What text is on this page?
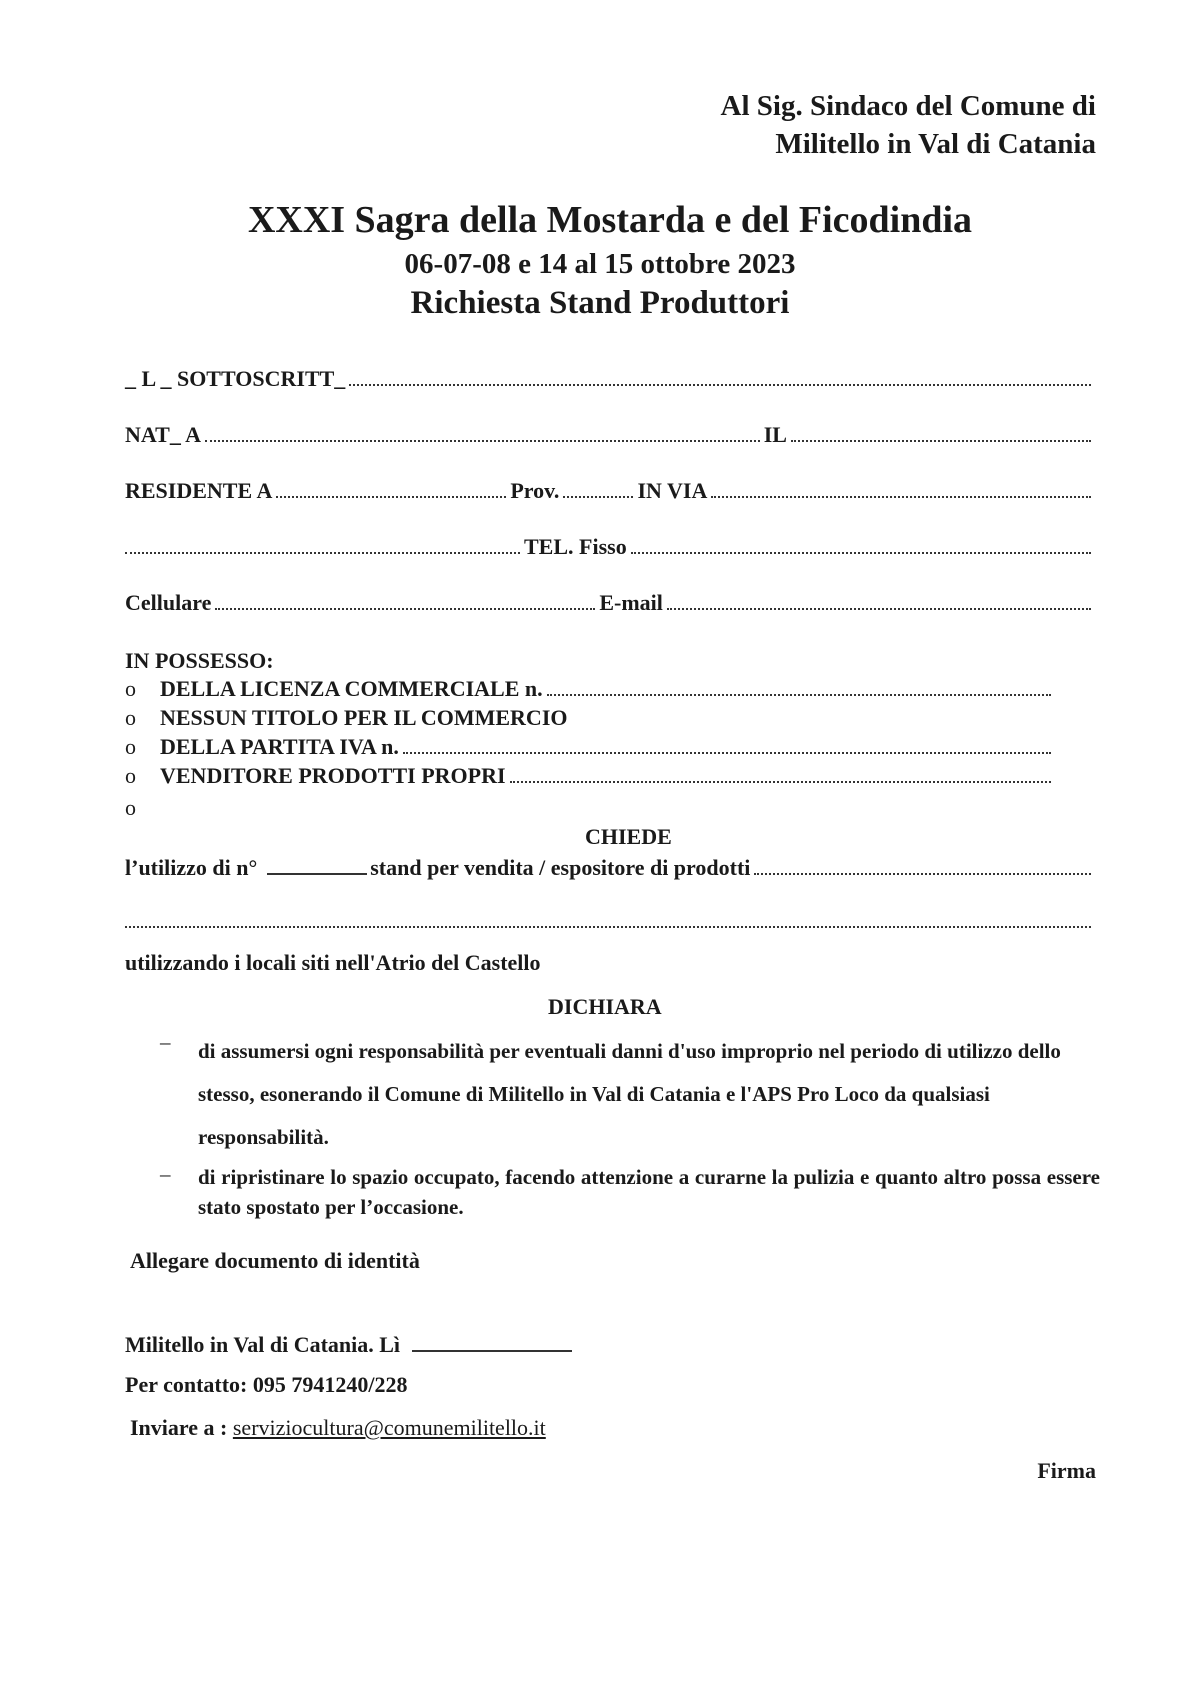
Al Sig. Sindaco del Comune di
Militello in Val di Catania
XXXI Sagra della Mostarda e del Ficodindia
06-07-08 e 14 al 15 ottobre 2023
Richiesta Stand Produttori
_ L _ SOTTOSCRITT_
NAT_ A	IL
RESIDENTE A	Prov.	IN VIA
TEL. Fisso
Cellulare	E-mail
IN POSSESSO:
o	DELLA LICENZA COMMERCIALE n.
o	NESSUN TITOLO PER IL COMMERCIO
o	DELLA PARTITA IVA n.
o	VENDITORE PRODOTTI PROPRI
o
CHIEDE
l’utilizzo di n°	stand per vendita / espositore di prodotti
utilizzando i locali siti nell'Atrio del Castello
DICHIARA
–	di assumersi ogni responsabilità per eventuali danni d'uso improprio nel periodo di utilizzo dello stesso, esonerando il Comune di Militello in Val di Catania e l'APS Pro Loco da qualsiasi responsabilità.
–	di ripristinare lo spazio occupato, facendo attenzione a curarne la pulizia e quanto altro possa essere stato spostato per l’occasione.
Allegare documento di identità
Militello in Val di Catania. Lì
Per contatto: 095 7941240/228
Inviare a : serviziocultura@comunemilitello.it
Firma
